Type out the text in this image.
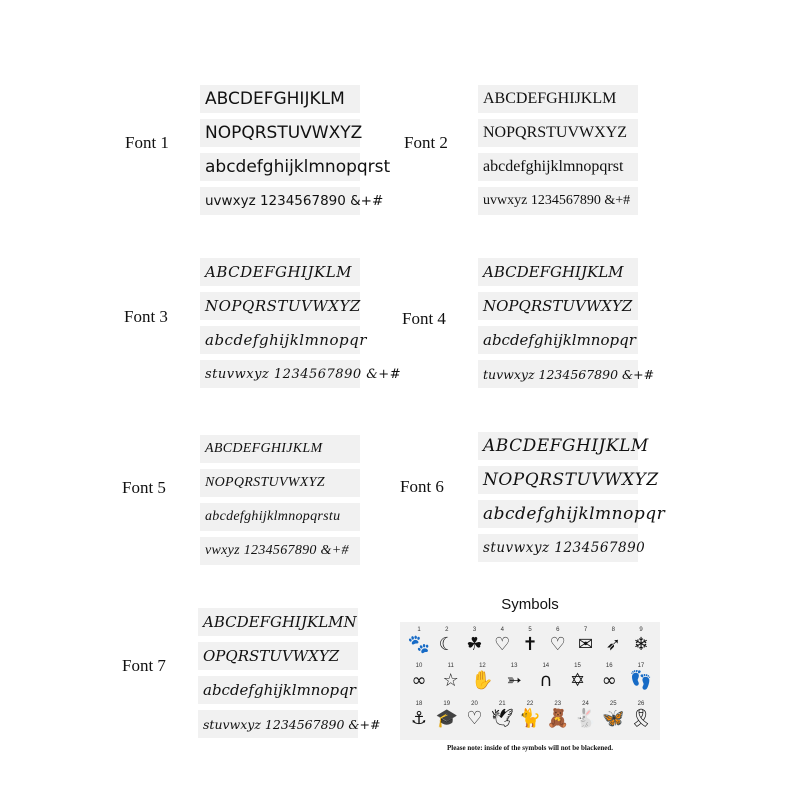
Font 1
ABCDEFGHIJKLM
NOPQRSTUVWXYZ
abcdefghijklmnopqrst
uvwxyz 1234567890 &+#
Font 2
ABCDEFGHIJKLM
NOPQRSTUVWXYZ
abcdefghijklmnopqrst
uvwxyz 1234567890 &+#
Font 3
ABCDEFGHIJKLM
NOPQRSTUVWXYZ
abcdefghijklmnopqr
stuvwxyz 1234567890 &+#
Font 4
ABCDEFGHIJKLM
NOPQRSTUVWXYZ
abcdefghijklmnopqr
tuvwxyz 1234567890 &+#
Font 5
ABCDEFGHIJKLM
NOPQRSTUVWXYZ
abcdefghijklmnopqrstu
vwxyz 1234567890 &+#
Font 6
ABCDEFGHIJKLM
NOPQRSTUVWXYZ
abcdefghijklmnopqr
stuvwxyz 1234567890
Font 7
ABCDEFGHIJKLMN
OPQRSTUVWXYZ
abcdefghijklmnopqr
stuvwxyz 1234567890 &+#
Symbols
1
🐾
2
☾
3
☘
4
♡
5
✝
6
♡
7
✉
8
➶
9
❄
10
∞
11
☆
12
✋
13
➳
14
∩
15
✡
16
∞
17
👣
18
⚓
19
🎓
20
♡
21
🕊
22
🐈
23
🧸
24
🐇
25
🦋
26
🎗
Please note: inside of the symbols will not be blackened.
